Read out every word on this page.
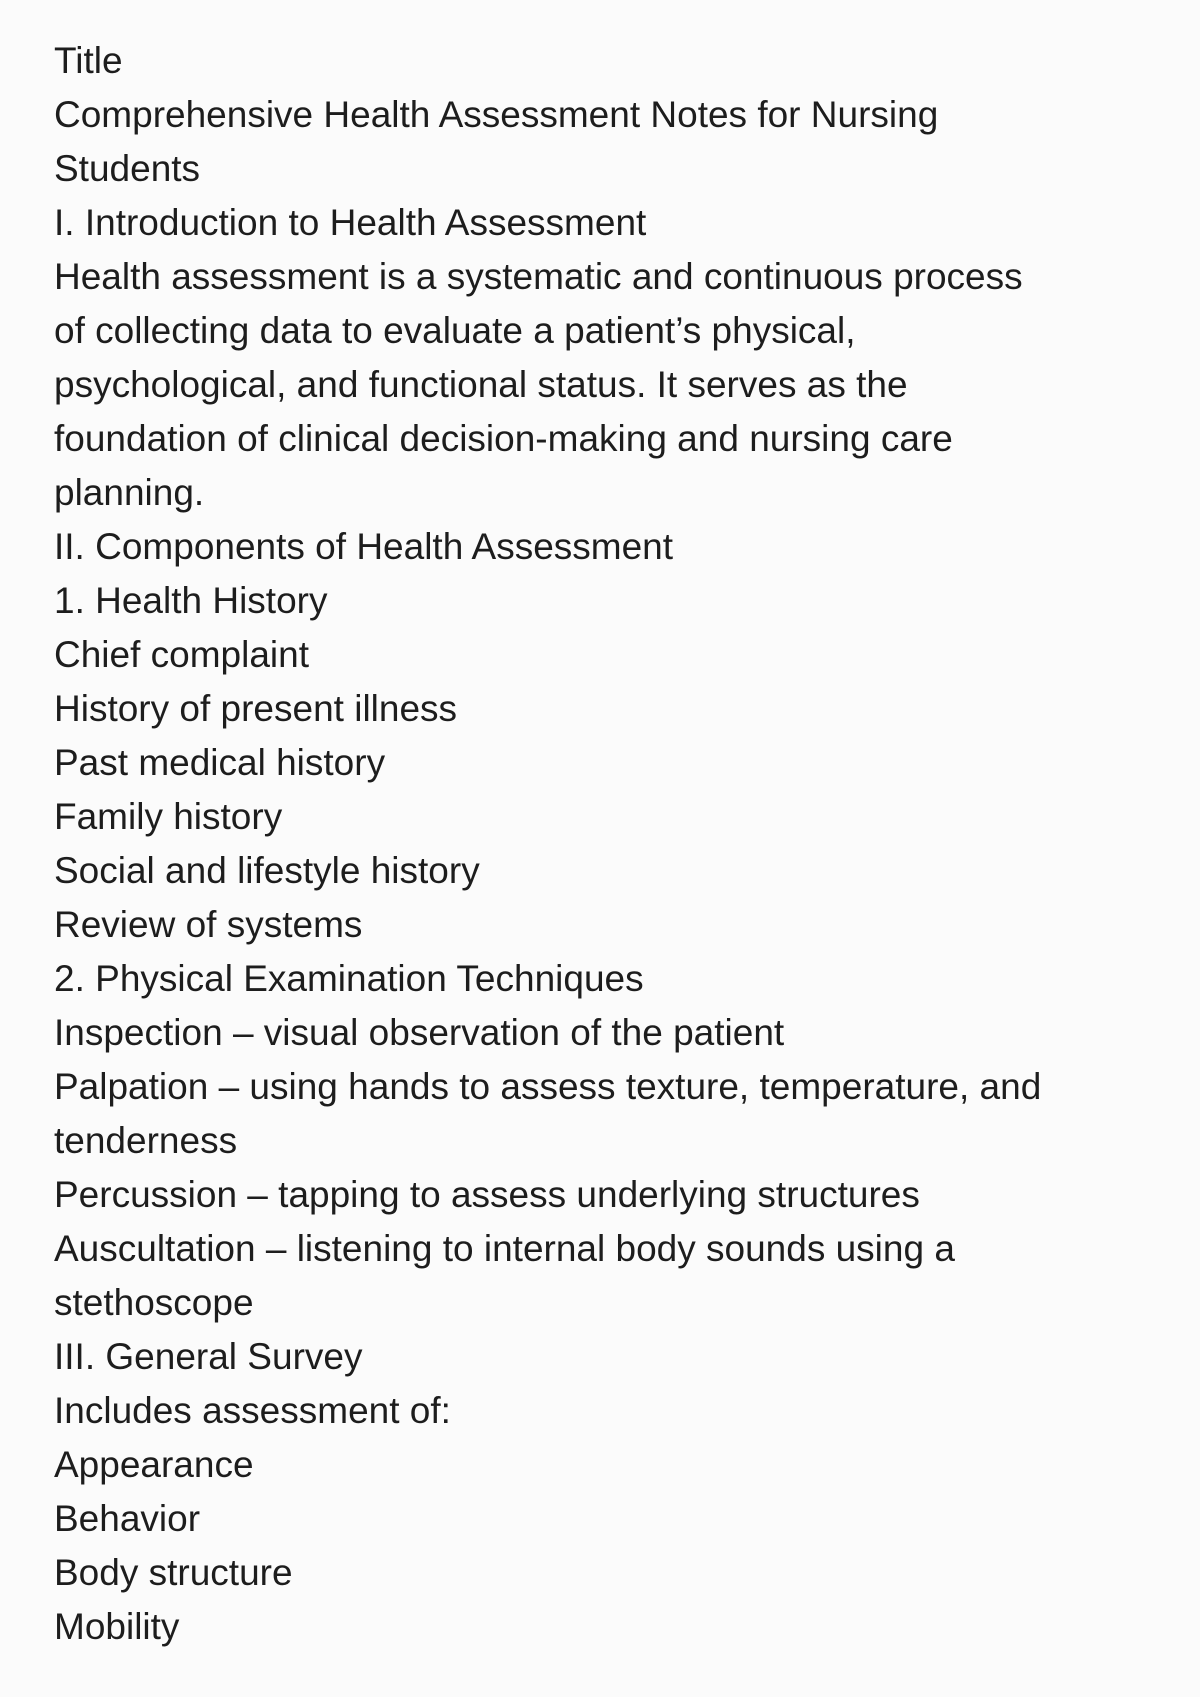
Title
Comprehensive Health Assessment Notes for Nursing
Students
I. Introduction to Health Assessment
Health assessment is a systematic and continuous process
of collecting data to evaluate a patient’s physical,
psychological, and functional status. It serves as the
foundation of clinical decision-making and nursing care
planning.
II. Components of Health Assessment
1. Health History
Chief complaint
History of present illness
Past medical history
Family history
Social and lifestyle history
Review of systems
2. Physical Examination Techniques
Inspection – visual observation of the patient
Palpation – using hands to assess texture, temperature, and
tenderness
Percussion – tapping to assess underlying structures
Auscultation – listening to internal body sounds using a
stethoscope
III. General Survey
Includes assessment of:
Appearance
Behavior
Body structure
Mobility
